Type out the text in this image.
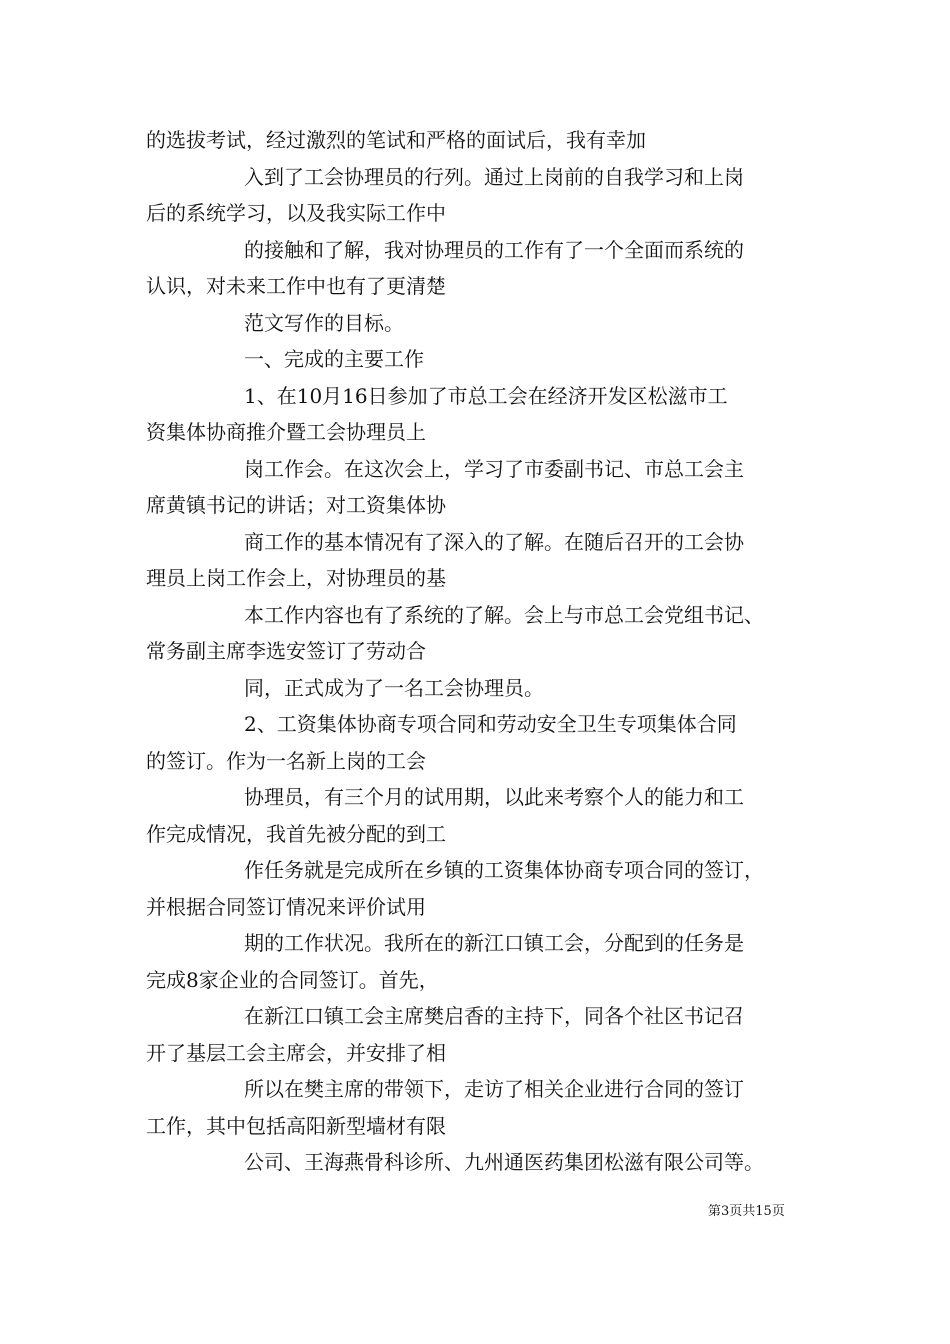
的选拔考试，经过激烈的笔试和严格的面试后，我有幸加
入到了工会协理员的行列。通过上岗前的自我学习和上岗
后的系统学习，以及我实际工作中
的接触和了解，我对协理员的工作有了一个全面而系统的
认识，对未来工作中也有了更清楚
范文写作的目标。
一、完成的主要工作
1、在10月16日参加了市总工会在经济开发区松滋市工
资集体协商推介暨工会协理员上
岗工作会。在这次会上，学习了市委副书记、市总工会主
席黄镇书记的讲话；对工资集体协
商工作的基本情况有了深入的了解。在随后召开的工会协
理员上岗工作会上，对协理员的基
本工作内容也有了系统的了解。会上与市总工会党组书记、
常务副主席李选安签订了劳动合
同，正式成为了一名工会协理员。
2、工资集体协商专项合同和劳动安全卫生专项集体合同
的签订。作为一名新上岗的工会
协理员，有三个月的试用期，以此来考察个人的能力和工
作完成情况，我首先被分配的到工
作任务就是完成所在乡镇的工资集体协商专项合同的签订，
并根据合同签订情况来评价试用
期的工作状况。我所在的新江口镇工会，分配到的任务是
完成8家企业的合同签订。首先，
在新江口镇工会主席樊启香的主持下，同各个社区书记召
开了基层工会主席会，并安排了相
所以在樊主席的带领下，走访了相关企业进行合同的签订
工作，其中包括高阳新型墙材有限
公司、王海燕骨科诊所、九州通医药集团松滋有限公司等。
第3页共15页
